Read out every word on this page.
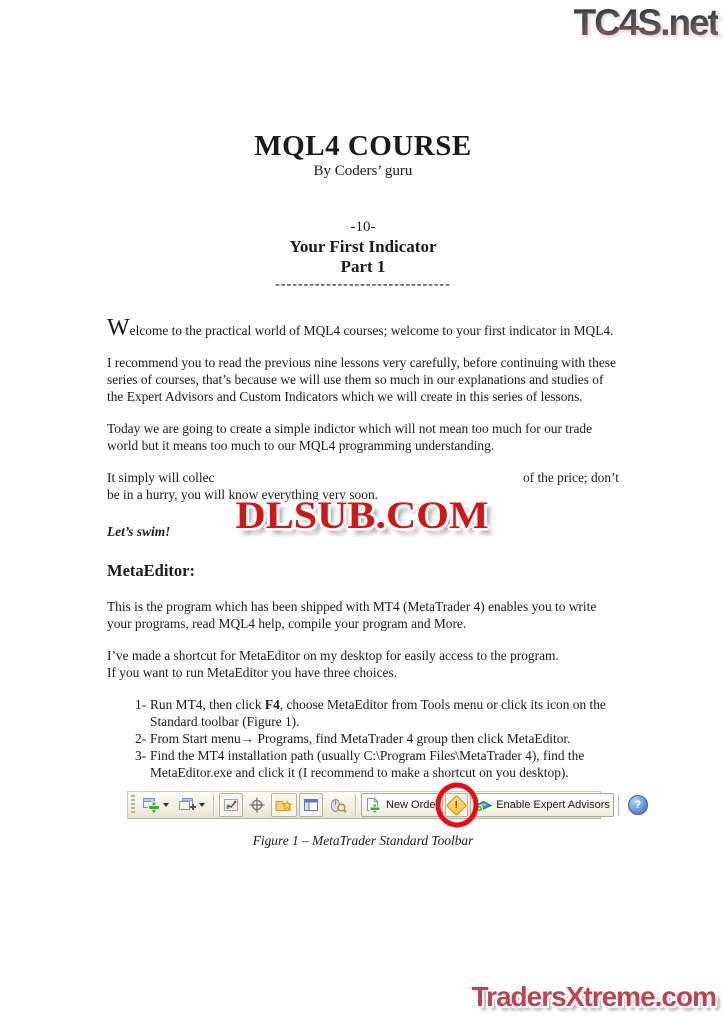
TC4S.net
DLSUB.COM
MQL4 COURSE
By Coders’ guru
-10-
Your First Indicator
Part 1
-------------------------------

Welcome to the practical world of MQL4 courses; welcome to your first indicator in MQL4.

I recommend you to read the previous nine lessons very carefully, before continuing with these series of courses, that’s because we will use them so much in our explanations and studies of the Expert Advisors and Custom Indicators which we will create in this series of lessons.

Today we are going to create a simple indictor which will not mean too much for our trade world but it means too much to our MQL4 programming understanding.

It simply will collec	of the price; don’t
be in a hurry, you will know everything very soon.

Let’s swim!
MetaEditor:

This is the program which has been shipped with MT4 (MetaTrader 4) enables you to write your programs, read MQL4 help, compile your program and More.

I’ve made a shortcut for MetaEditor on my desktop for easily access to the program.
If you want to run MetaEditor you have three choices.

1- Run MT4, then click F4, choose MetaEditor from Tools menu or click its icon on the Standard toolbar (Figure 1).
2- From Start menu→ Programs, find MetaTrader 4 group then click MetaEditor.
3- Find the MT4 installation path (usually C:\Program Files\MetaTrader 4), find the MetaEditor.exe and click it (I recommend to make a shortcut on you desktop).
New Order !	Enable Expert Advisors	?
Figure 1 – MetaTrader Standard Toolbar
TradersXtreme.com
